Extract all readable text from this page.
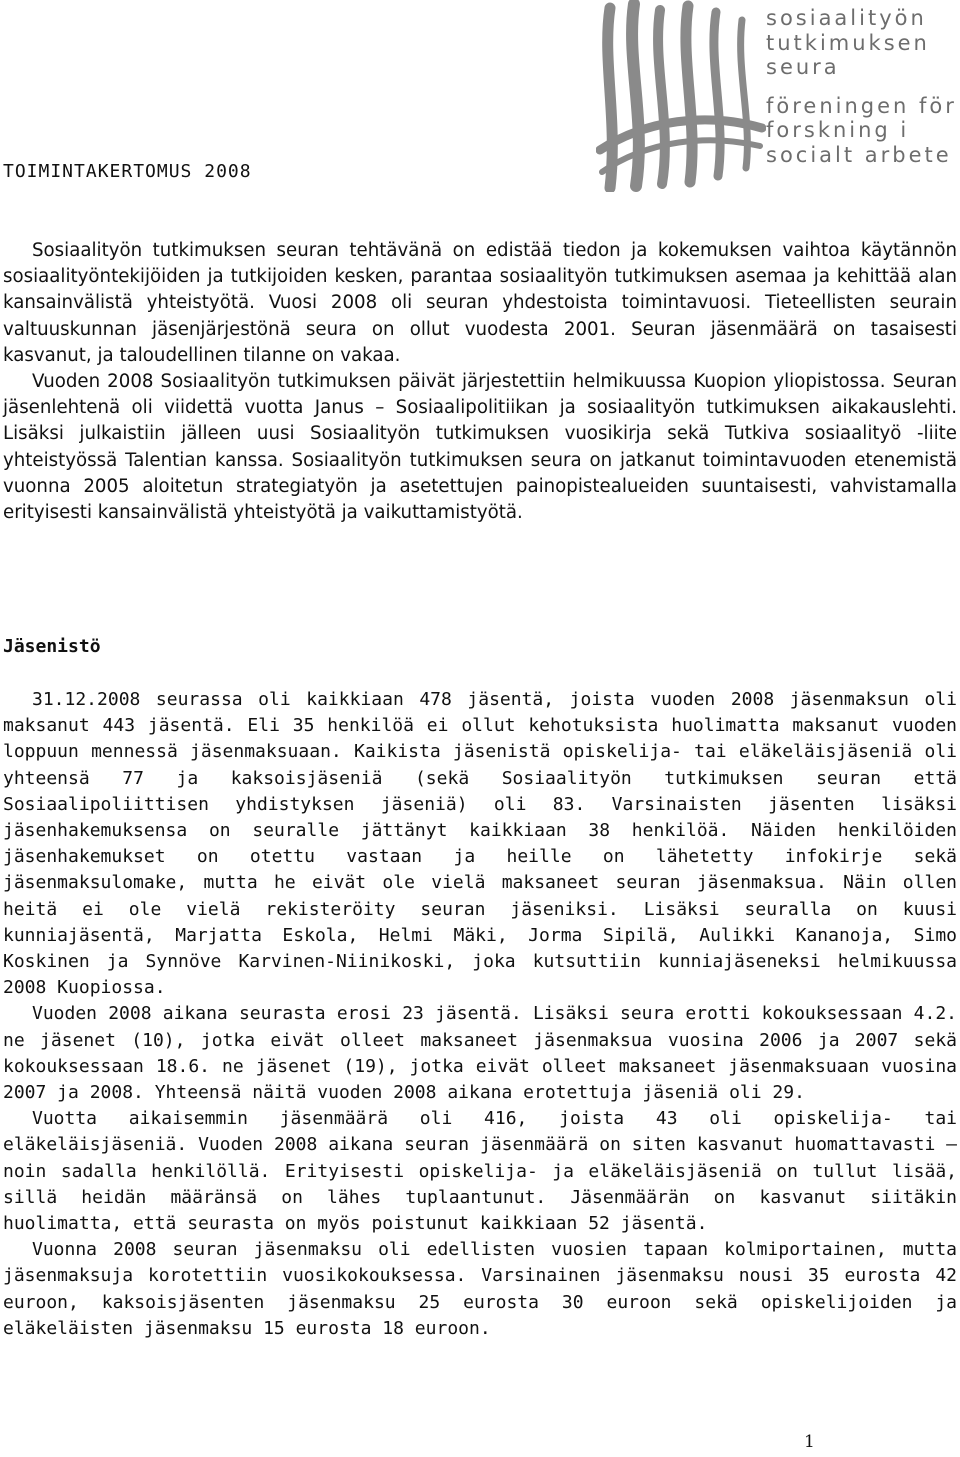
sosiaalityön
tutkimuksen
seura
föreningen för
forskning i
socialt arbete
TOIMINTAKERTOMUS 2008

Sosiaalityön tutkimuksen seuran tehtävänä on edistää tiedon ja kokemuksen vaihtoa käytännön sosiaalityöntekijöiden ja tutkijoiden kesken, parantaa sosiaalityön tutkimuksen asemaa ja kehittää alan kansainvälistä yhteistyötä. Vuosi 2008 oli seuran yhdestoista toimintavuosi. Tieteellisten seurain valtuuskunnan jäsenjärjestönä seura on ollut vuodesta 2001. Seuran jäsenmäärä on tasaisesti kasvanut, ja taloudellinen tilanne on vakaa.

Vuoden 2008 Sosiaalityön tutkimuksen päivät järjestettiin helmikuussa Kuopion yliopistossa. Seuran jäsenlehtenä oli viidettä vuotta Janus – Sosiaalipolitiikan ja sosiaalityön tutkimuksen aikakauslehti. Lisäksi julkaistiin jälleen uusi Sosiaalityön tutkimuksen vuosikirja sekä Tutkiva sosiaalityö -liite yhteistyössä Talentian kanssa. Sosiaalityön tutkimuksen seura on jatkanut toimintavuoden etenemistä vuonna 2005 aloitetun strategiatyön ja asetettujen painopistealueiden suuntaisesti, vahvistamalla erityisesti kansainvälistä yhteistyötä ja vaikuttamistyötä.

Jäsenistö

31.12.2008 seurassa oli kaikkiaan 478 jäsentä, joista vuoden 2008 jäsenmaksun oli maksanut 443 jäsentä. Eli 35 henkilöä ei ollut kehotuksista huolimatta maksanut vuoden loppuun mennessä jäsenmaksuaan. Kaikista jäsenistä opiskelija- tai eläkeläisjäseniä oli yhteensä 77 ja kaksoisjäseniä (sekä Sosiaalityön tutkimuksen seuran että Sosiaalipoliittisen yhdistyksen jäseniä) oli 83. Varsinaisten jäsenten lisäksi jäsenhakemuksensa on seuralle jättänyt kaikkiaan 38 henkilöä. Näiden henkilöiden jäsenhakemukset on otettu vastaan ja heille on lähetetty infokirje sekä jäsenmaksulomake, mutta he eivät ole vielä maksaneet seuran jäsenmaksua. Näin ollen heitä ei ole vielä rekisteröity seuran jäseniksi. Lisäksi seuralla on kuusi kunniajäsentä, Marjatta Eskola, Helmi Mäki, Jorma Sipilä, Aulikki Kananoja, Simo Koskinen ja Synnöve Karvinen-Niinikoski, joka kutsuttiin kunniajäseneksi helmikuussa 2008 Kuopiossa.

Vuoden 2008 aikana seurasta erosi 23 jäsentä. Lisäksi seura erotti kokouksessaan 4.2. ne jäsenet (10), jotka eivät olleet maksaneet jäsenmaksua vuosina 2006 ja 2007 sekä kokouksessaan 18.6. ne jäsenet (19), jotka eivät olleet maksaneet jäsenmaksuaan vuosina 2007 ja 2008. Yhteensä näitä vuoden 2008 aikana erotettuja jäseniä oli 29.

Vuotta aikaisemmin jäsenmäärä oli 416, joista 43 oli opiskelija- tai eläkeläisjäseniä. Vuoden 2008 aikana seuran jäsenmäärä on siten kasvanut huomattavasti – noin sadalla henkilöllä. Erityisesti opiskelija- ja eläkeläisjäseniä on tullut lisää, sillä heidän määränsä on lähes tuplaantunut. Jäsenmäärän on kasvanut siitäkin huolimatta, että seurasta on myös poistunut kaikkiaan 52 jäsentä.

Vuonna 2008 seuran jäsenmaksu oli edellisten vuosien tapaan kolmiportainen, mutta jäsenmaksuja korotettiin vuosikokouksessa. Varsinainen jäsenmaksu nousi 35 eurosta 42 euroon, kaksoisjäsenten jäsenmaksu 25 eurosta 30 euroon sekä opiskelijoiden ja eläkeläisten jäsenmaksu 15 eurosta 18 euroon.

1
